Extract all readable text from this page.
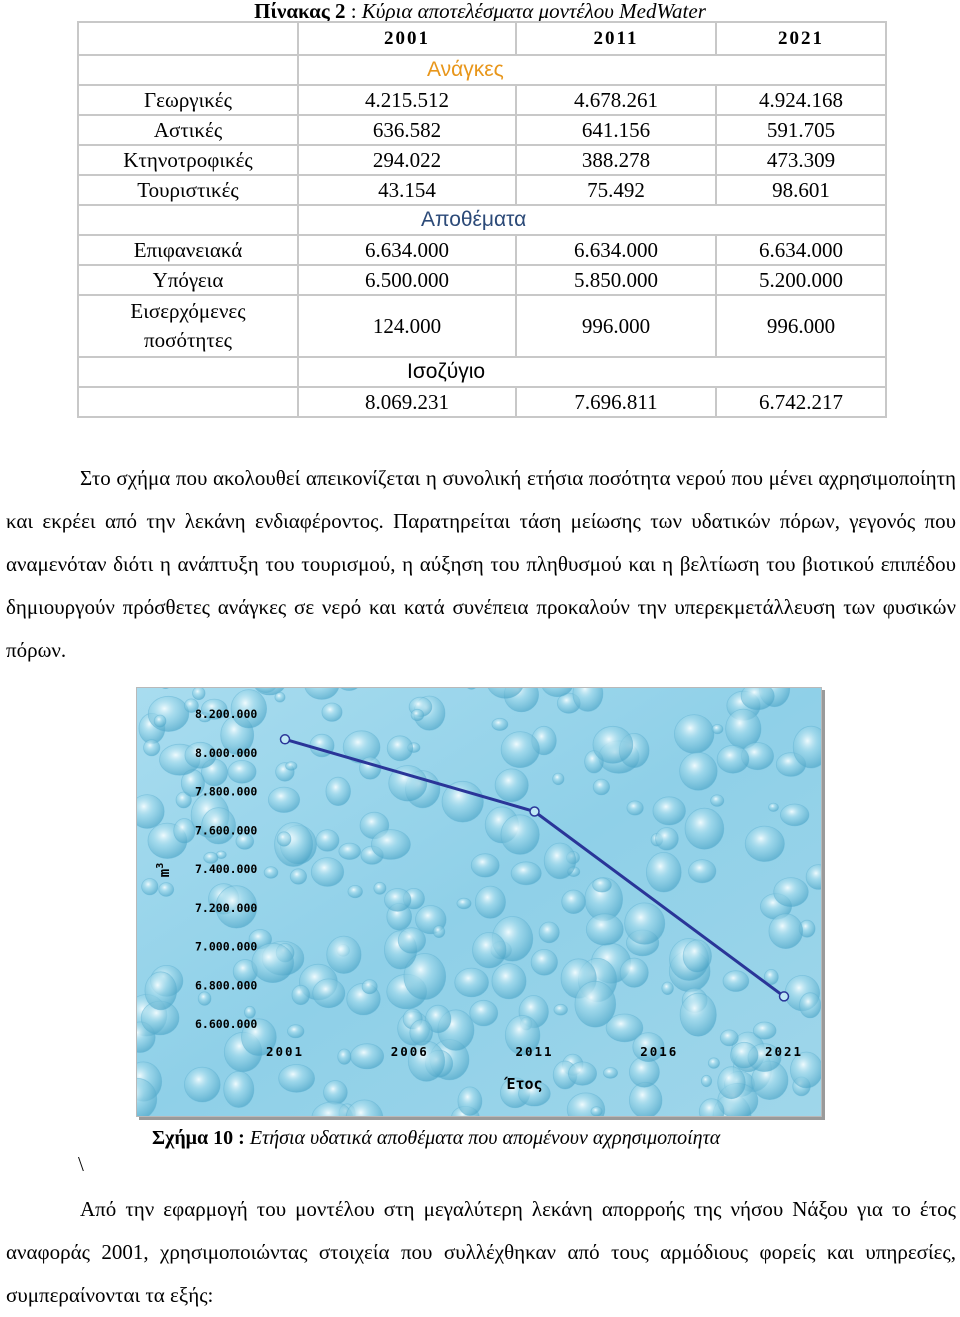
Πίνακας 2 : Κύρια αποτελέσματα μοντέλου MedWater
	2001	2011	2021
	Ανάγκες		
Γεωργικές	4.215.512	4.678.261	4.924.168
Αστικές	636.582	641.156	591.705
Κτηνοτροφικές	294.022	388.278	473.309
Τουριστικές	43.154	75.492	98.601
	Αποθέματα		
Επιφανειακά	6.634.000	6.634.000	6.634.000
Υπόγεια	6.500.000	5.850.000	5.200.000

Εισερχόμενες
ποσότητες	124.000	996.000	996.000
	Ισοζύγιο		
	8.069.231	7.696.811	6.742.217

Στο σχήμα που ακολουθεί απεικονίζεται η συνολική ετήσια ποσότητα νερού που μένει αχρησιμοποίητη και εκρέει από την λεκάνη ενδιαφέροντος. Παρατηρείται τάση μείωσης των υδατικών πόρων, γεγονός που αναμενόταν διότι η ανάπτυξη του τουρισμού, η αύξηση του πληθυσμού και η βελτίωση του βιοτικού επιπέδου δημιουργούν πρόσθετες ανάγκες σε νερό και κατά συνέπεια προκαλούν την υπερεκμετάλλευση των φυσικών πόρων.

6.600.000
6.800.000
7.000.000
7.200.000
7.400.000
7.600.000
7.800.000
8.000.000
8.200.000
2001	2006	2011	2016	2021
$m^3$
Έτος
Σχήμα 10 : Ετήσια υδατικά αποθέματα που απομένουν αχρησιμοποίητα
\

Από την εφαρμογή του μοντέλου στη μεγαλύτερη λεκάνη απορροής της νήσου Νάξου για το έτος αναφοράς 2001, χρησιμοποιώντας στοιχεία που συλλέχθηκαν από τους αρμόδιους φορείς και υπηρεσίες, συμπεραίνονται τα εξής:
